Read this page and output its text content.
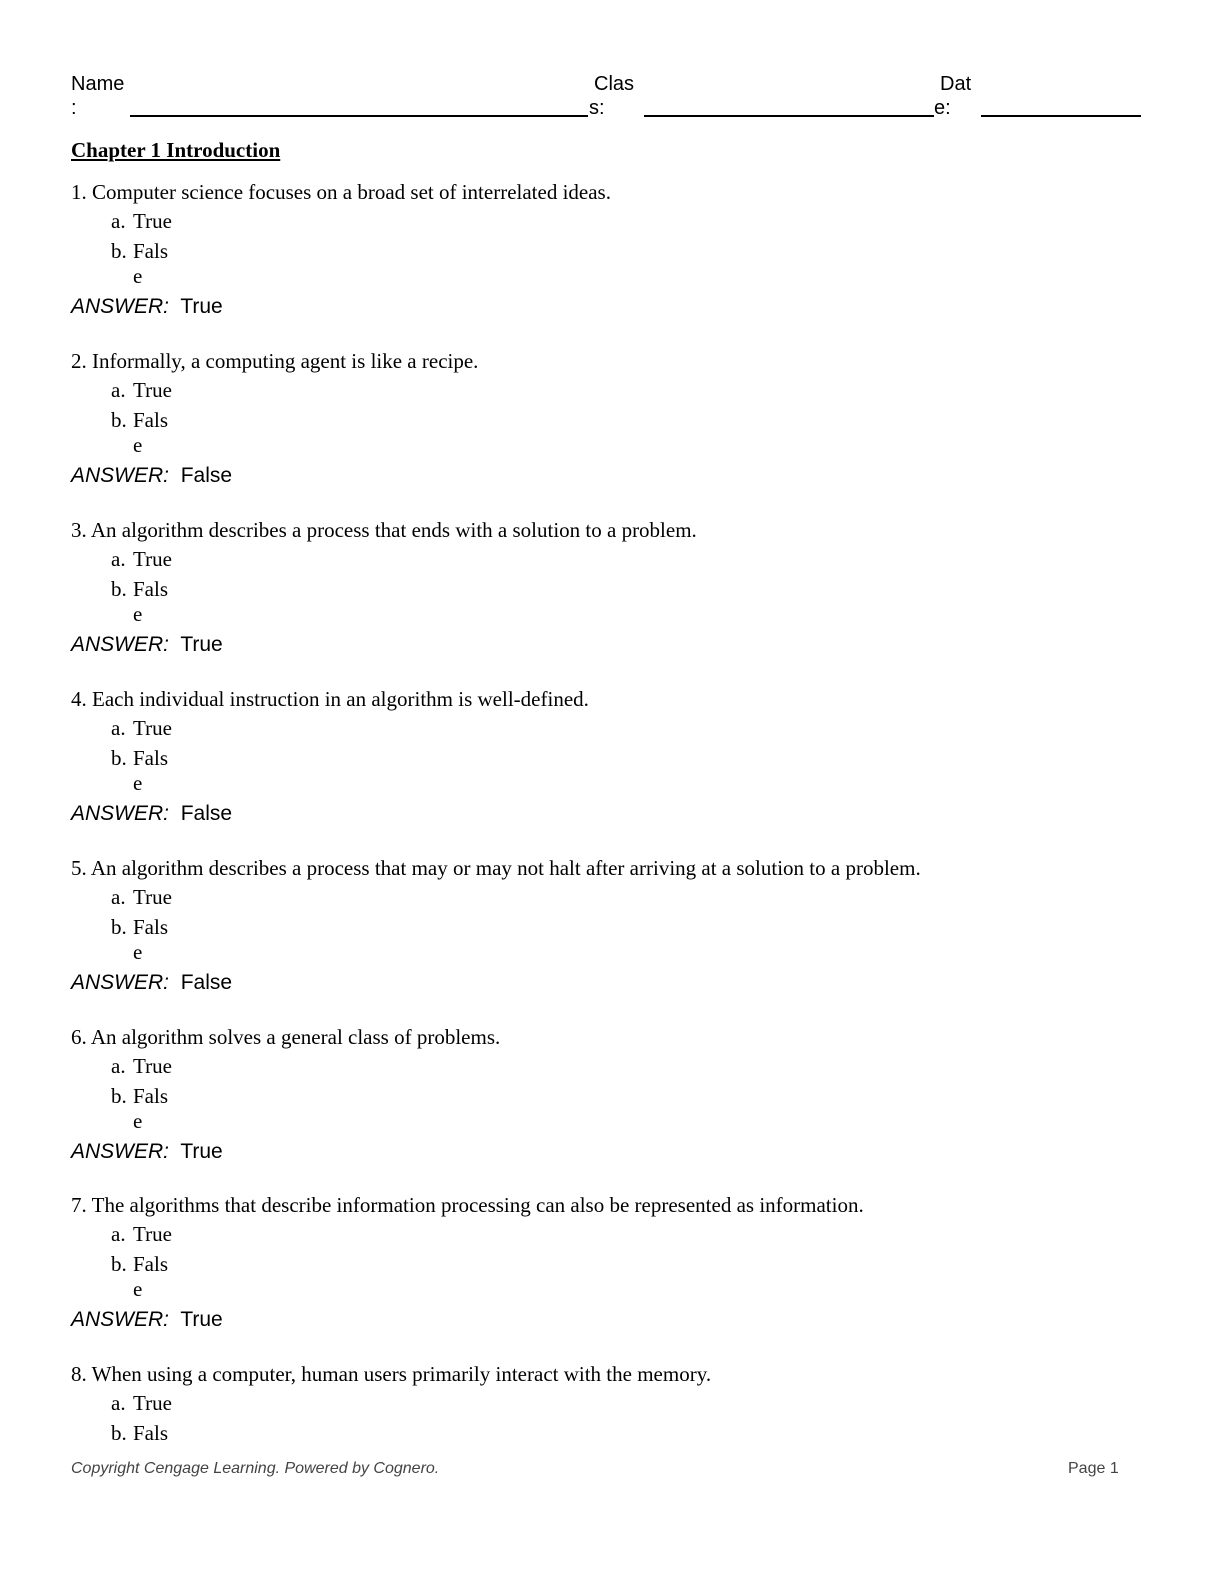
Name
:
Clas
s:
Dat
e:
Chapter 1 Introduction

1. Computer science focuses on a broad set of interrelated ideas.

a. True
b. Fals
e
ANSWER: True

2. Informally, a computing agent is like a recipe.

a. True
b. Fals
e
ANSWER: False

3. An algorithm describes a process that ends with a solution to a problem.

a. True
b. Fals
e
ANSWER: True

4. Each individual instruction in an algorithm is well-defined.

a. True
b. Fals
e
ANSWER: False

5. An algorithm describes a process that may or may not halt after arriving at a solution to a problem.

a. True
b. Fals
e
ANSWER: False

6. An algorithm solves a general class of problems.

a. True
b. Fals
e
ANSWER: True

7. The algorithms that describe information processing can also be represented as information.

a. True
b. Fals
e
ANSWER: True

8. When using a computer, human users primarily interact with the memory.

a. True
b. Fals
Copyright Cengage Learning. Powered by Cognero.	Page 1
